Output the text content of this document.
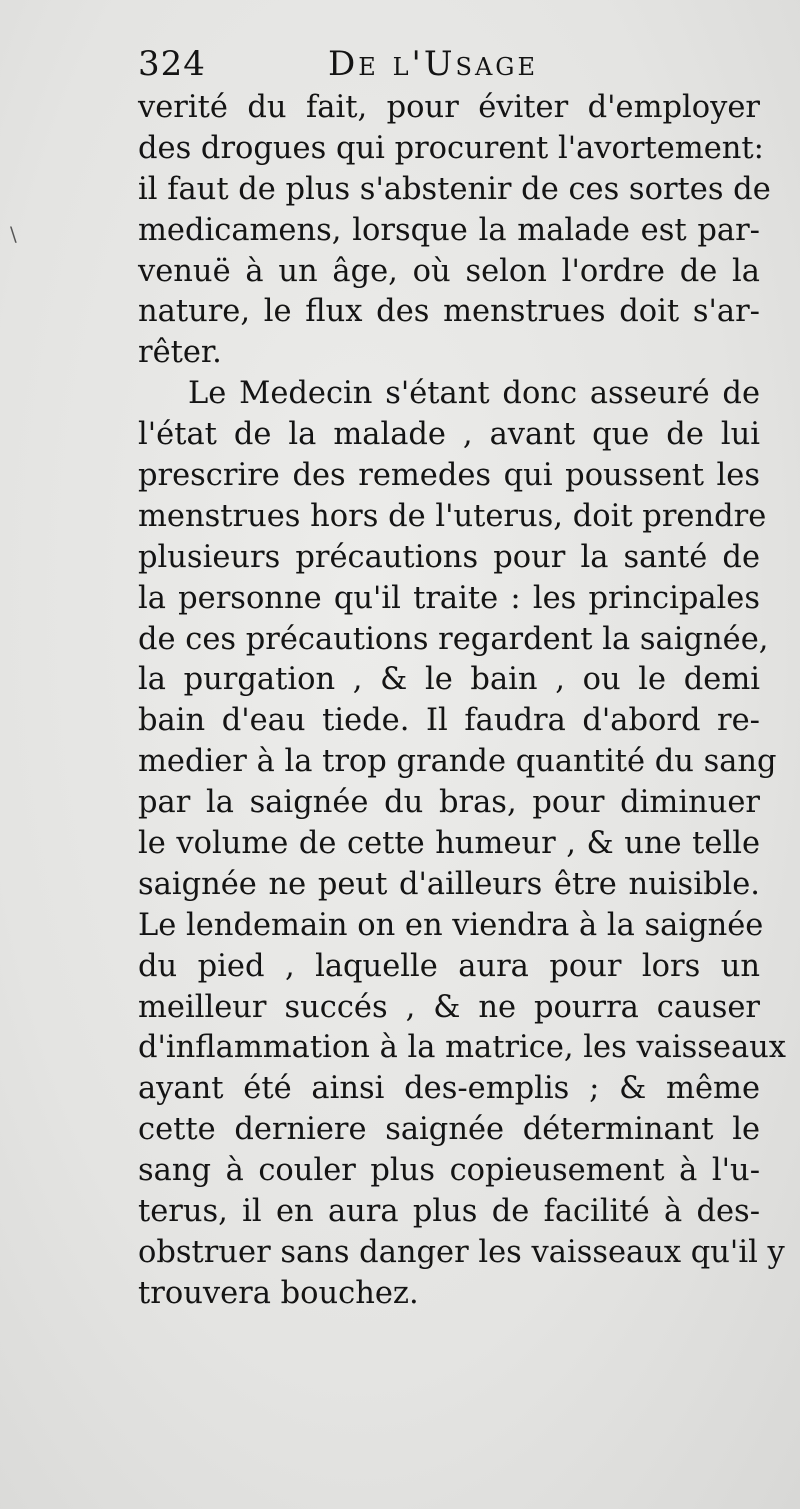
\
324	De l'Usage
verité du fait, pour éviter d'employer
des drogues qui procurent l'avortement:
il faut de plus s'abstenir de ces sortes de
medicamens, lorsque la malade est par-
venuë à un âge, où selon l'ordre de la
nature, le flux des menstrues doit s'ar-
rêter.
Le Medecin s'étant donc asseuré de
l'état de la malade , avant que de lui
prescrire des remedes qui poussent les
menstrues hors de l'uterus, doit prendre
plusieurs précautions pour la santé de
la personne qu'il traite : les principales
de ces précautions regardent la saignée,
la purgation , & le bain , ou le demi
bain d'eau tiede. Il faudra d'abord re-
medier à la trop grande quantité du sang
par la saignée du bras, pour diminuer
le volume de cette humeur , & une telle
saignée ne peut d'ailleurs être nuisible.
Le lendemain on en viendra à la saignée
du pied , laquelle aura pour lors un
meilleur succés , & ne pourra causer
d'inflammation à la matrice, les vaisseaux
ayant été ainsi des-emplis ; & même
cette derniere saignée déterminant le
sang à couler plus copieusement à l'u-
terus, il en aura plus de facilité à des-
obstruer sans danger les vaisseaux qu'il y
trouvera bouchez.
